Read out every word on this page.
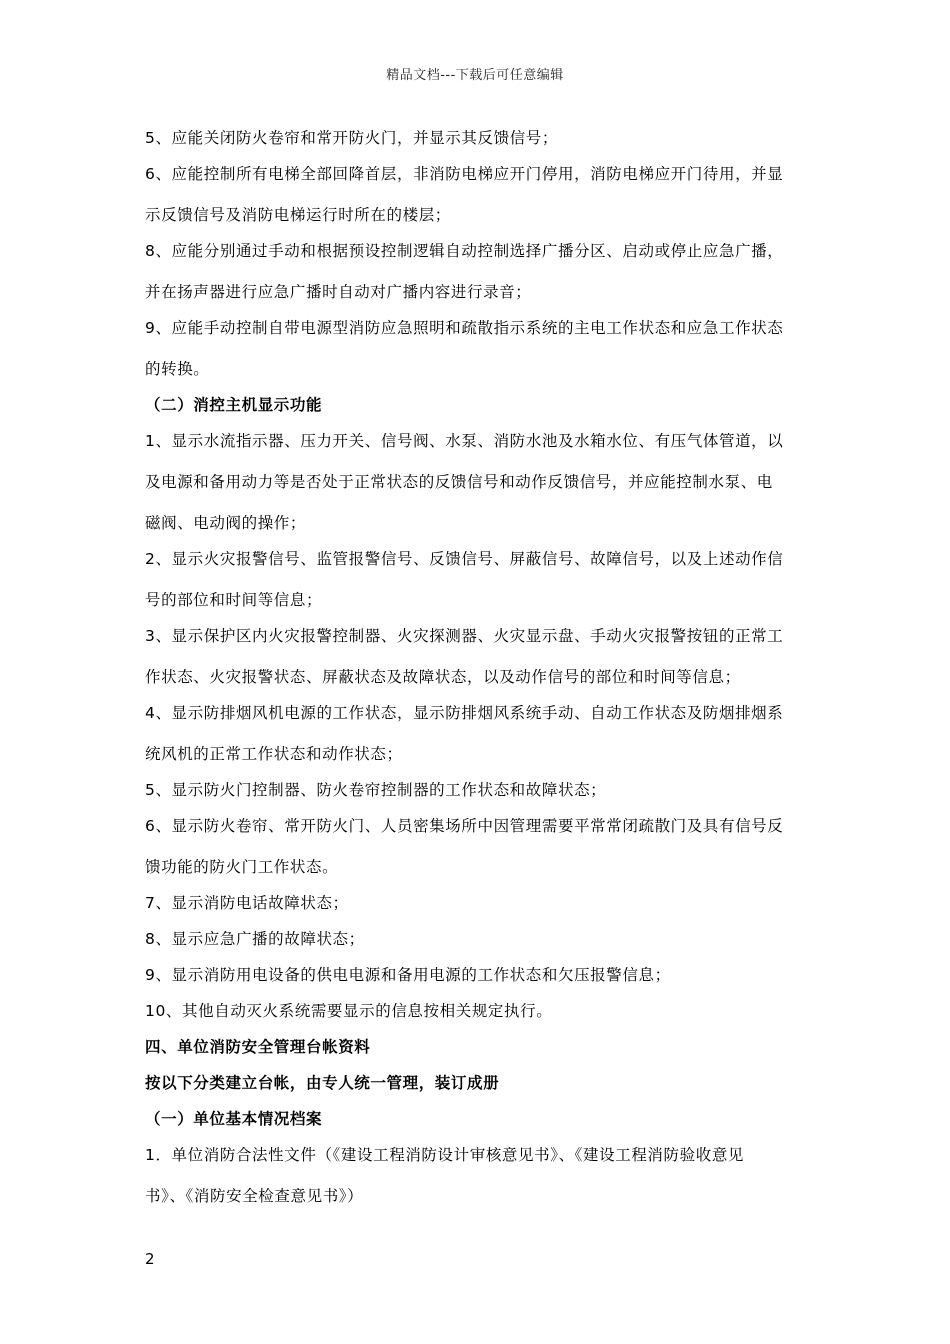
精品文档---下载后可任意编辑

5、应能关闭防火卷帘和常开防火门，并显示其反馈信号；

6、应能控制所有电梯全部回降首层，非消防电梯应开门停用，消防电梯应开门待用，并显

示反馈信号及消防电梯运行时所在的楼层；

8、应能分别通过手动和根据预设控制逻辑自动控制选择广播分区、启动或停止应急广播，

并在扬声器进行应急广播时自动对广播内容进行录音；

9、应能手动控制自带电源型消防应急照明和疏散指示系统的主电工作状态和应急工作状态

的转换。

（二）消控主机显示功能

1、显示水流指示器、压力开关、信号阀、水泵、消防水池及水箱水位、有压气体管道，以

及电源和备用动力等是否处于正常状态的反馈信号和动作反馈信号，并应能控制水泵、电

磁阀、电动阀的操作；

2、显示火灾报警信号、监管报警信号、反馈信号、屏蔽信号、故障信号，以及上述动作信

号的部位和时间等信息；

3、显示保护区内火灾报警控制器、火灾探测器、火灾显示盘、手动火灾报警按钮的正常工

作状态、火灾报警状态、屏蔽状态及故障状态，以及动作信号的部位和时间等信息；

4、显示防排烟风机电源的工作状态，显示防排烟风系统手动、自动工作状态及防烟排烟系

统风机的正常工作状态和动作状态；

5、显示防火门控制器、防火卷帘控制器的工作状态和故障状态；

6、显示防火卷帘、常开防火门、人员密集场所中因管理需要平常常闭疏散门及具有信号反

馈功能的防火门工作状态。

7、显示消防电话故障状态；

8、显示应急广播的故障状态；

9、显示消防用电设备的供电电源和备用电源的工作状态和欠压报警信息；

10、其他自动灭火系统需要显示的信息按相关规定执行。

四、单位消防安全管理台帐资料

按以下分类建立台帐，由专人统一管理，装订成册

（一）单位基本情况档案

1．单位消防合法性文件（《建设工程消防设计审核意见书》、《建设工程消防验收意见

书》、《消防安全检查意见书》）

2
